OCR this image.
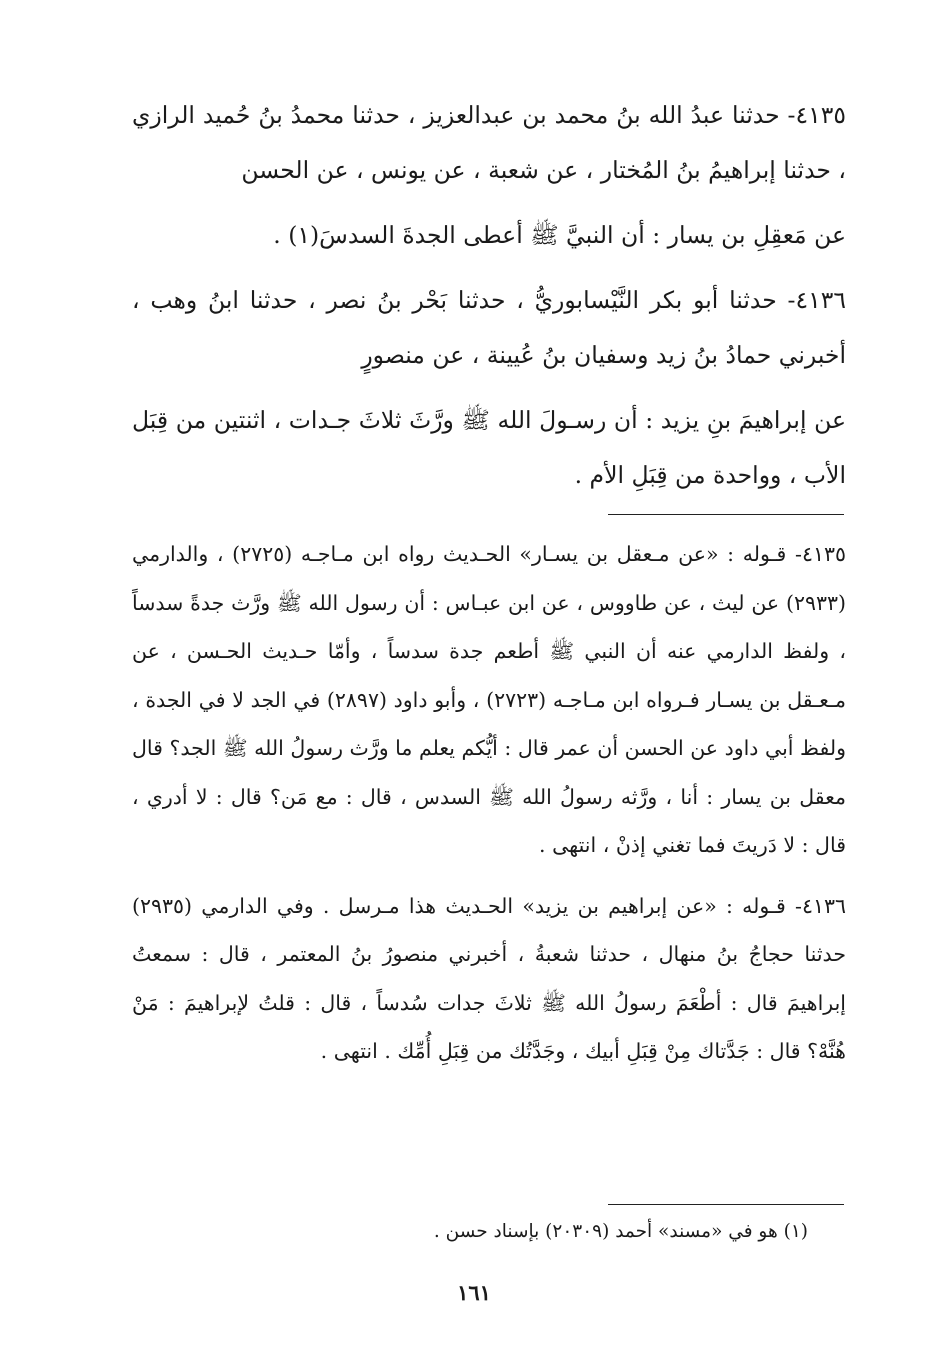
٤١٣٥- حدثنا عبدُ الله بنُ محمد بن عبدالعزيز ، حدثنا محمدُ بنُ حُميد الرازي ، حدثنا إبراهيمُ بنُ المُختار ، عن شعبة ، عن يونس ، عن الحسن

عن مَعقِلِ بن يسار : أن النبيَّ ﷺ أعطى الجدةَ السدسَ(١) .

٤١٣٦- حدثنا أبو بكر النَّيْسابوريُّ ، حدثنا بَحْر بنُ نصر ، حدثنا ابنُ وهب ، أخبرني حمادُ بنُ زيد وسفيان بنُ عُيينة ، عن منصورٍ

عن إبراهيمَ بنِ يزيد : أن رسـولَ الله ﷺ ورَّثَ ثلاثَ جـدات ، اثنتين من قِبَل الأب ، وواحدة من قِبَلِ الأم .

٤١٣٥- قـوله : «عن مـعقل بن يسـار» الحـديث رواه ابن مـاجـه (٢٧٢٥) ، والدارمي (٢٩٣٣) عن ليث ، عن طاووس ، عن ابن عبـاس : أن رسول الله ﷺ ورَّث جدةً سدساً ، ولفظ الدارمي عنه أن النبي ﷺ أطعم جدة سدساً ، وأمّا حـديث الحـسن ، عن مـعـقل بن يسـار فـرواه ابن مـاجـه (٢٧٢٣) ، وأبو داود (٢٨٩٧) في الجد لا في الجدة ، ولفظ أبي داود عن الحسن أن عمر قال : أيُّكم يعلم ما ورَّث رسولُ الله ﷺ الجد؟ قال معقل بن يسار : أنا ، ورَّثه رسولُ الله ﷺ السدس ، قال : مع مَن؟ قال : لا أدري ، قال : لا دَريتَ فما تغني إذنْ ، انتهى .

٤١٣٦- قـوله : «عن إبراهيم بن يزيد» الحـديث هذا مـرسل . وفي الدارمي (٢٩٣٥) حدثنا حجاجُ بنُ منهال ، حدثنا شعبةُ ، أخبرني منصورُ بنُ المعتمر ، قال : سمعتُ إبراهيمَ قال : أطْعَمَ رسولُ الله ﷺ ثلاثَ جدات سُدساً ، قال : قلتُ لإبراهيمَ : مَنْ هُنَّهْ؟ قال : جَدَّتاك مِنْ قِبَلِ أبيك ، وجَدَّتُك من قِبَلِ أُمِّك . انتهى .

(١) هو في «مسند» أحمد (٢٠٣٠٩) بإسناد حسن .
١٦١
